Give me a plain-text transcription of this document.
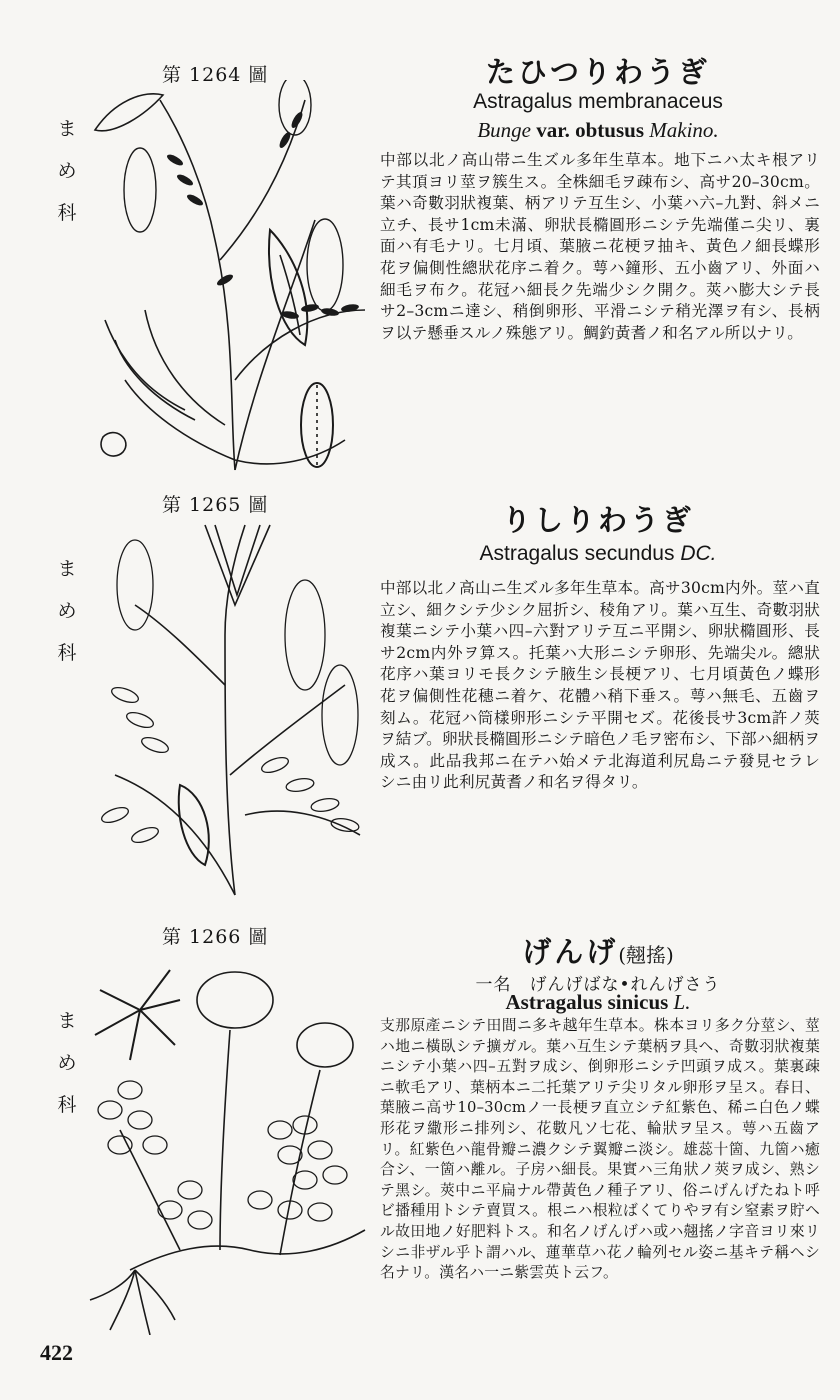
第 1264 圖
ま
め
科
たひつりわうぎ
Astragalus membranaceus
Bunge var. obtusus Makino.
中部以北ノ高山帯ニ生ズル多年生草本。地下ニハ太キ根アリテ其頂ヨリ莖ヲ簇生ス。全株細毛ヲ疎布シ、高サ20–30cm。葉ハ奇數羽狀複葉、柄アリテ互生シ、小葉ハ六–九對、斜メニ立チ、長サ1cm未滿、卵狀長橢圓形ニシテ先端僅ニ尖リ、裏面ハ有毛ナリ。七月頃、葉腋ニ花梗ヲ抽キ、黃色ノ細長蝶形花ヲ偏側性總狀花序ニ着ク。萼ハ鐘形、五小齒アリ、外面ハ細毛ヲ布ク。花冠ハ細長ク先端少シク開ク。莢ハ膨大シテ長サ2–3cmニ達シ、稍倒卵形、平滑ニシテ稍光澤ヲ有シ、長柄ヲ以テ懸垂スルノ殊態アリ。鯛釣黃耆ノ和名アル所以ナリ。
第 1265 圖
ま
め
科
りしりわうぎ
Astragalus secundus DC.
中部以北ノ高山ニ生ズル多年生草本。高サ30cm内外。莖ハ直立シ、細クシテ少シク屈折シ、稜角アリ。葉ハ互生、奇數羽狀複葉ニシテ小葉ハ四–六對アリテ互ニ平開シ、卵狀橢圓形、長サ2cm内外ヲ算ス。托葉ハ大形ニシテ卵形、先端尖ル。總狀花序ハ葉ヨリモ長クシテ腋生シ長梗アリ、七月頃黃色ノ蝶形花ヲ偏側性花穗ニ着ケ、花體ハ稍下垂ス。萼ハ無毛、五齒ヲ刻ム。花冠ハ筒樣卵形ニシテ平開セズ。花後長サ3cm許ノ莢ヲ結ブ。卵狀長橢圓形ニシテ暗色ノ毛ヲ密布シ、下部ハ細柄ヲ成ス。此品我邦ニ在テハ始メテ北海道利尻島ニテ發見セラレシニ由リ此利尻黃耆ノ和名ヲ得タリ。
第 1266 圖
ま
め
科
げんげ(翹搖)
一名　げんげばな•れんげさう
Astragalus sinicus L.
支那原產ニシテ田間ニ多キ越年生草本。株本ヨリ多ク分莖シ、莖ハ地ニ橫臥シテ擴ガル。葉ハ互生シテ葉柄ヲ具ヘ、奇數羽狀複葉ニシテ小葉ハ四–五對ヲ成シ、倒卵形ニシテ凹頭ヲ成ス。葉裏疎ニ軟毛アリ、葉柄本ニ二托葉アリテ尖リタル卵形ヲ呈ス。春日、葉腋ニ高サ10–30cmノ一長梗ヲ直立シテ紅紫色、稀ニ白色ノ蝶形花ヲ繖形ニ排列シ、花數凡ソ七花、輪狀ヲ呈ス。萼ハ五齒アリ。紅紫色ハ龍骨瓣ニ濃クシテ翼瓣ニ淡シ。雄蕊十箇、九箇ハ癒合シ、一箇ハ離ル。子房ハ細長。果實ハ三角狀ノ莢ヲ成シ、熟シテ黑シ。莢中ニ平扁ナル帶黃色ノ種子アリ、俗ニげんげたねト呼ビ播種用トシテ賣買ス。根ニハ根粒ばくてりやヲ有シ窒素ヲ貯ヘル故田地ノ好肥料トス。和名ノげんげハ或ハ翹搖ノ字音ヨリ來リシニ非ザル乎ト謂ハル、蓮華草ハ花ノ輪列セル姿ニ基キテ稱ヘシ名ナリ。漢名ハ一ニ紫雲英ト云フ。
422
